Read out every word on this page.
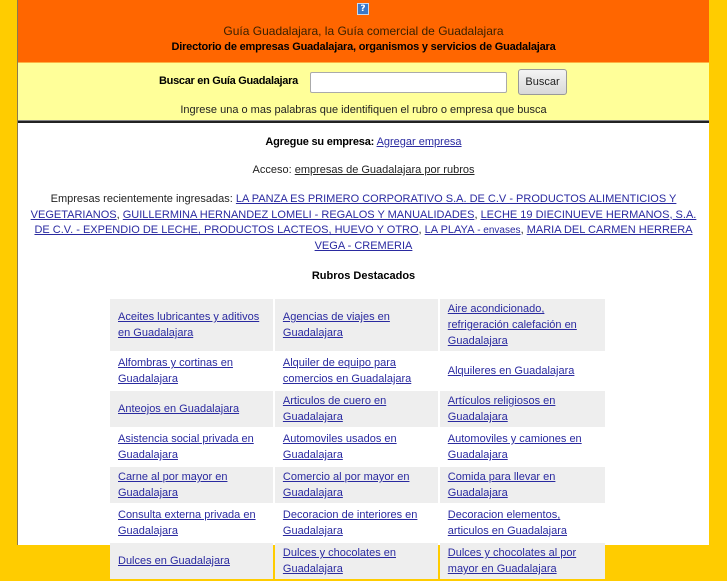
?
Guía Guadalajara, la Guía comercial de Guadalajara
Directorio de empresas Guadalajara, organismos y servicios de Guadalajara
Buscar en Guía Guadalajara	Buscar
Ingrese una o mas palabras que identifiquen el rubro o empresa que busca
Agregue su empresa: Agregar empresa
Acceso: empresas de Guadalajara por rubros
Empresas recientemente ingresadas: LA PANZA ES PRIMERO CORPORATIVO S.A. DE C.V - PRODUCTOS ALIMENTICIOS Y VEGETARIANOS, GUILLERMINA HERNANDEZ LOMELI - REGALOS Y MANUALIDADES, LECHE 19 DIECINUEVE HERMANOS, S.A. DE C.V. - EXPENDIO DE LECHE, PRODUCTOS LACTEOS, HUEVO Y OTRO, LA PLAYA - envases, MARIA DEL CARMEN HERRERA VEGA - CREMERIA
Rubros Destacados
Aceites lubricantes y aditivos en Guadalajara	Agencias de viajes en Guadalajara	Aire acondicionado, refrigeración calefación en Guadalajara
Alfombras y cortinas en Guadalajara	Alquiler de equipo para comercios en Guadalajara	Alquileres en Guadalajara
Anteojos en Guadalajara	Articulos de cuero en Guadalajara	Artículos religiosos en Guadalajara
Asistencia social privada en Guadalajara	Automoviles usados en Guadalajara	Automoviles y camiones en Guadalajara
Carne al por mayor en Guadalajara	Comercio al por mayor en Guadalajara	Comida para llevar en Guadalajara
Consulta externa privada en Guadalajara	Decoracion de interiores en Guadalajara	Decoracion elementos, articulos en Guadalajara
Dulces en Guadalajara	Dulces y chocolates en Guadalajara	Dulces y chocolates al por mayor en Guadalajara
